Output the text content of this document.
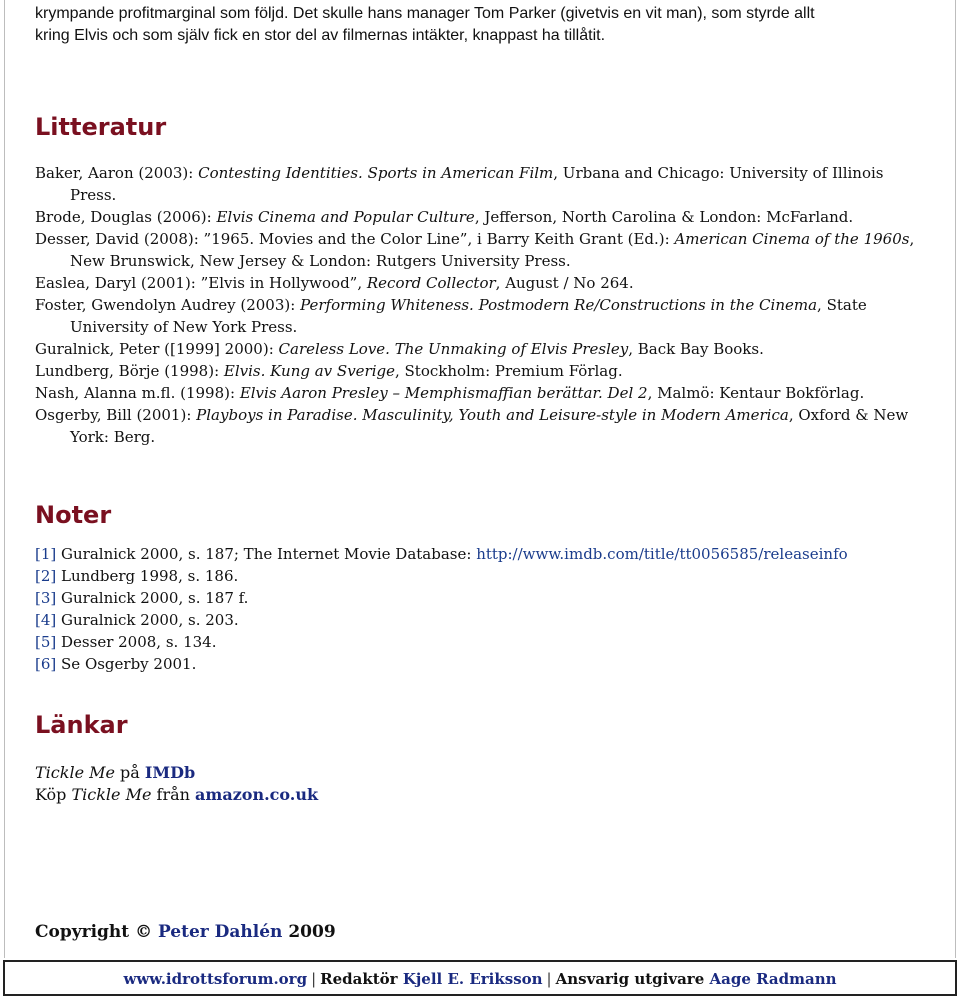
krympande profitmarginal som följd. Det skulle hans manager Tom Parker (givetvis en vit man), som styrde allt

kring Elvis och som själv fick en stor del av filmernas intäkter, knappast ha tillåtit.

Litteratur

Baker, Aaron (2003): Contesting Identities. Sports in American Film, Urbana and Chicago: University of Illinois Press.

Brode, Douglas (2006): Elvis Cinema and Popular Culture, Jefferson, North Carolina & London: McFarland.

Desser, David (2008): ”1965. Movies and the Color Line”, i Barry Keith Grant (Ed.): American Cinema of the 1960s, New Brunswick, New Jersey & London: Rutgers University Press.

Easlea, Daryl (2001): ”Elvis in Hollywood”, Record Collector, August / No 264.

Foster, Gwendolyn Audrey (2003): Performing Whiteness. Postmodern Re/Constructions in the Cinema, State University of New York Press.

Guralnick, Peter ([1999] 2000): Careless Love. The Unmaking of Elvis Presley, Back Bay Books.

Lundberg, Börje (1998): Elvis. Kung av Sverige, Stockholm: Premium Förlag.

Nash, Alanna m.fl. (1998): Elvis Aaron Presley – Memphismaffian berättar. Del 2, Malmö: Kentaur Bokförlag.

Osgerby, Bill (2001): Playboys in Paradise. Masculinity, Youth and Leisure-style in Modern America, Oxford & New York: Berg.

Noter

[1] Guralnick 2000, s. 187; The Internet Movie Database: http://www.imdb.com/title/tt0056585/releaseinfo

[2] Lundberg 1998, s. 186.

[3] Guralnick 2000, s. 187 f.

[4] Guralnick 2000, s. 203.

[5] Desser 2008, s. 134.

[6] Se Osgerby 2001.

Länkar

Tickle Me på IMDb

Köp Tickle Me från amazon.co.uk

Copyright © Peter Dahlén 2009

www.idrottsforum.org | Redaktör Kjell E. Eriksson | Ansvarig utgivare Aage Radmann
